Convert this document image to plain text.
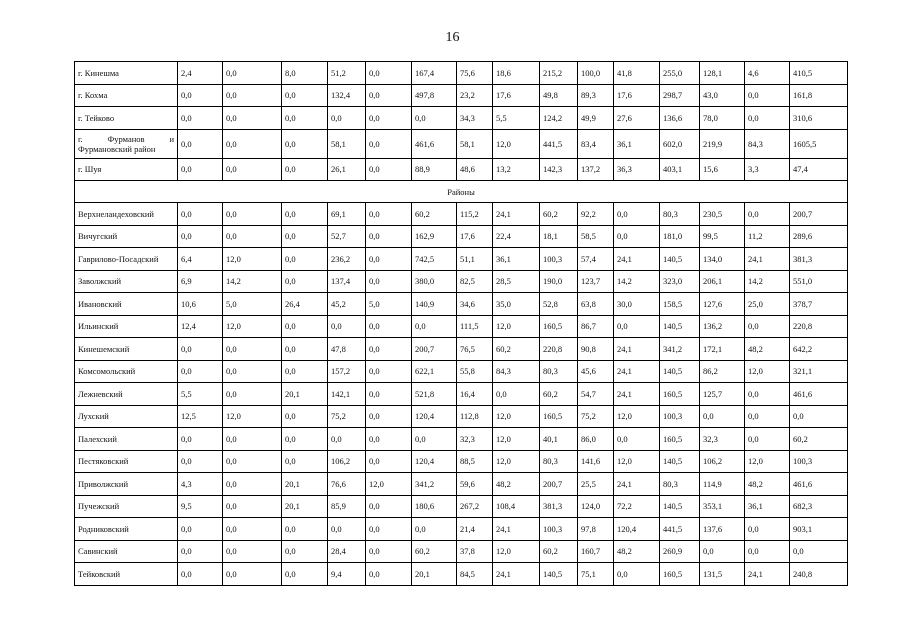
16
г. Кинешма	2,4	0,0	8,0	51,2	0,0	167,4	75,6	18,6	215,2	100,0	41,8	255,0	128,1	4,6	410,5
г. Кохма	0,0	0,0	0,0	132,4	0,0	497,8	23,2	17,6	49,8	89,3	17,6	298,7	43,0	0,0	161,8
г. Тейково	0,0	0,0	0,0	0,0	0,0	0,0	34,3	5,5	124,2	49,9	27,6	136,6	78,0	0,0	310,6
г. Фурманов и Фурмановский район	0,0	0,0	0,0	58,1	0,0	461,6	58,1	12,0	441,5	83,4	36,1	602,0	219,9	84,3	1605,5
г. Шуя	0,0	0,0	0,0	26,1	0,0	88,9	48,6	13,2	142,3	137,2	36,3	403,1	15,6	3,3	47,4
Районы															
Верхнеландеховский	0,0	0,0	0,0	69,1	0,0	60,2	115,2	24,1	60,2	92,2	0,0	80,3	230,5	0,0	200,7
Вичугский	0,0	0,0	0,0	52,7	0,0	162,9	17,6	22,4	18,1	58,5	0,0	181,0	99,5	11,2	289,6
Гаврилово-Посадский	6,4	12,0	0,0	236,2	0,0	742,5	51,1	36,1	100,3	57,4	24,1	140,5	134,0	24,1	381,3
Заволжский	6,9	14,2	0,0	137,4	0,0	380,0	82,5	28,5	190,0	123,7	14,2	323,0	206,1	14,2	551,0
Ивановский	10,6	5,0	26,4	45,2	5,0	140,9	34,6	35,0	52,8	63,8	30,0	158,5	127,6	25,0	378,7
Ильинский	12,4	12,0	0,0	0,0	0,0	0,0	111,5	12,0	160,5	86,7	0,0	140,5	136,2	0,0	220,8
Кинешемский	0,0	0,0	0,0	47,8	0,0	200,7	76,5	60,2	220,8	90,8	24,1	341,2	172,1	48,2	642,2
Комсомольский	0,0	0,0	0,0	157,2	0,0	622,1	55,8	84,3	80,3	45,6	24,1	140,5	86,2	12,0	321,1
Лежневский	5,5	0,0	20,1	142,1	0,0	521,8	16,4	0,0	60,2	54,7	24,1	160,5	125,7	0,0	461,6
Лухский	12,5	12,0	0,0	75,2	0,0	120,4	112,8	12,0	160,5	75,2	12,0	100,3	0,0	0,0	0,0
Палехский	0,0	0,0	0,0	0,0	0,0	0,0	32,3	12,0	40,1	86,0	0,0	160,5	32,3	0,0	60,2
Пестяковский	0,0	0,0	0,0	106,2	0,0	120,4	88,5	12,0	80,3	141,6	12,0	140,5	106,2	12,0	100,3
Приволжский	4,3	0,0	20,1	76,6	12,0	341,2	59,6	48,2	200,7	25,5	24,1	80,3	114,9	48,2	461,6
Пучежский	9,5	0,0	20,1	85,9	0,0	180,6	267,2	108,4	381,3	124,0	72,2	140,5	353,1	36,1	682,3
Родниковский	0,0	0,0	0,0	0,0	0,0	0,0	21,4	24,1	100,3	97,8	120,4	441,5	137,6	0,0	903,1
Савинский	0,0	0,0	0,0	28,4	0,0	60,2	37,8	12,0	60,2	160,7	48,2	260,9	0,0	0,0	0,0
Тейковский	0,0	0,0	0,0	9,4	0,0	20,1	84,5	24,1	140,5	75,1	0,0	160,5	131,5	24,1	240,8
